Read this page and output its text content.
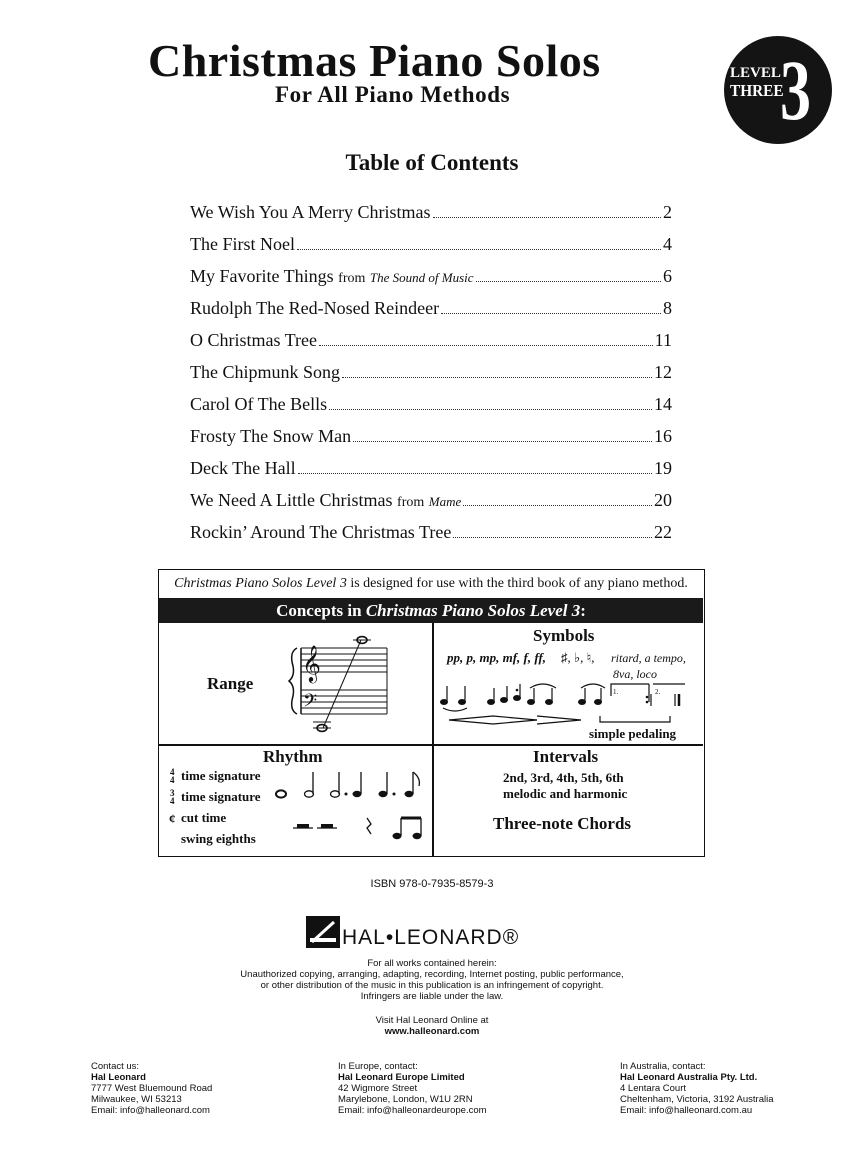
Christmas Piano Solos
For All Piano Methods
LEVEL
THREE
3
Table of Contents
We Wish You A Merry Christmas	2
The First Noel	4
My Favorite Things from The Sound of Music	6
Rudolph The Red-Nosed Reindeer	8
O Christmas Tree	11
The Chipmunk Song	12
Carol Of The Bells	14
Frosty The Snow Man	16
Deck The Hall	19
We Need A Little Christmas from Mame	20
Rockin’ Around The Christmas Tree	22
Christmas Piano Solos Level 3 is designed for use with the third book of any piano method.
Concepts in Christmas Piano Solos Level 3:
Range
𝄞
𝄢
Symbols
pp, p, mp, mf, f, ff, ♯, ♭, ♮, ritard, a tempo,
8va, loco
1.	2.
simple pedaling
Rhythm
4
4
3
4
¢
time signature
time signature
cut time
swing eighths
Intervals
2nd, 3rd, 4th, 5th, 6th
melodic and harmonic
Three-note Chords
ISBN 978-0-7935-8579-3
HAL•LEONARD®
For all works contained herein:
Unauthorized copying, arranging, adapting, recording, Internet posting, public performance,
or other distribution of the music in this publication is an infringement of copyright.
Infringers are liable under the law.
Visit Hal Leonard Online at
www.halleonard.com
Contact us:
Hal Leonard
7777 West Bluemound Road
Milwaukee, WI 53213
Email: info@halleonard.com
In Europe, contact:
Hal Leonard Europe Limited
42 Wigmore Street
Marylebone, London, W1U 2RN
Email: info@halleonardeurope.com
In Australia, contact:
Hal Leonard Australia Pty. Ltd.
4 Lentara Court
Cheltenham, Victoria, 3192 Australia
Email: info@halleonard.com.au
